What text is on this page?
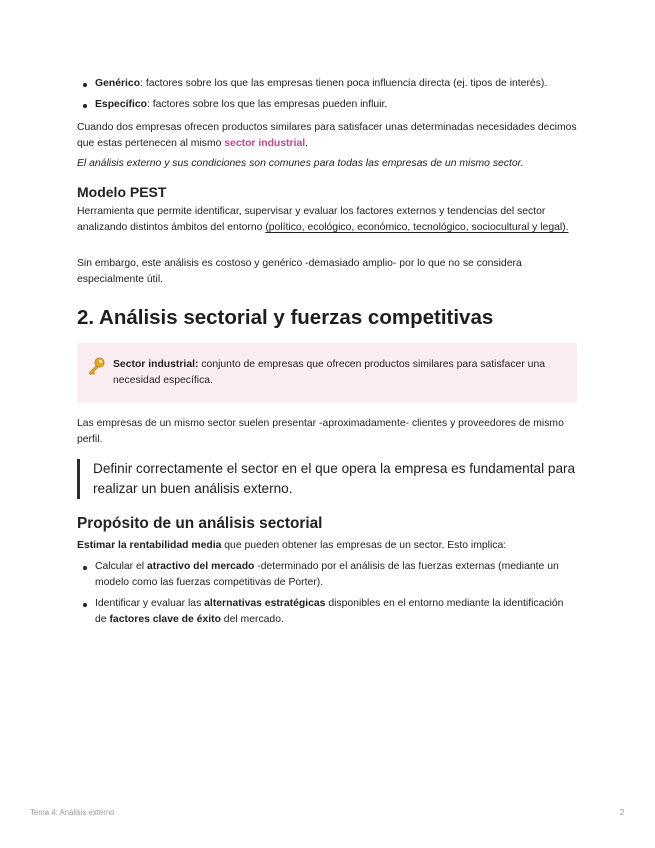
Genérico: factores sobre los que las empresas tienen poca influencia directa (ej. tipos de interés).
Específico: factores sobre los que las empresas pueden influir.

Cuando dos empresas ofrecen productos similares para satisfacer unas determinadas necesidades decimos que estas pertenecen al mismo sector industrial.

El análisis externo y sus condiciones son comunes para todas las empresas de un mismo sector.

Modelo PEST

Herramienta que permite identificar, supervisar y evaluar los factores externos y tendencias del sector analizando distintos ámbitos del entorno (político, ecológico, económico, tecnológico, sociocultural y legal).

Sin embargo, este análisis es costoso y genérico -demasiado amplio- por lo que no se considera especialmente útil.

2. Análisis sectorial y fuerzas competitivas
Sector industrial: conjunto de empresas que ofrecen productos similares para satisfacer una necesidad específica.

Las empresas de un mismo sector suelen presentar -aproximadamente- clientes y proveedores de mismo perfil.

Definir correctamente el sector en el que opera la empresa es fundamental para realizar un buen análisis externo.
Propósito de un análisis sectorial

Estimar la rentabilidad media que pueden obtener las empresas de un sector. Esto implica:

Calcular el atractivo del mercado -determinado por el análisis de las fuerzas externas (mediante un modelo como las fuerzas competitivas de Porter).
Identificar y evaluar las alternativas estratégicas disponibles en el entorno mediante la identificación de factores clave de éxito del mercado.
Tema 4: Análisis externo	2
